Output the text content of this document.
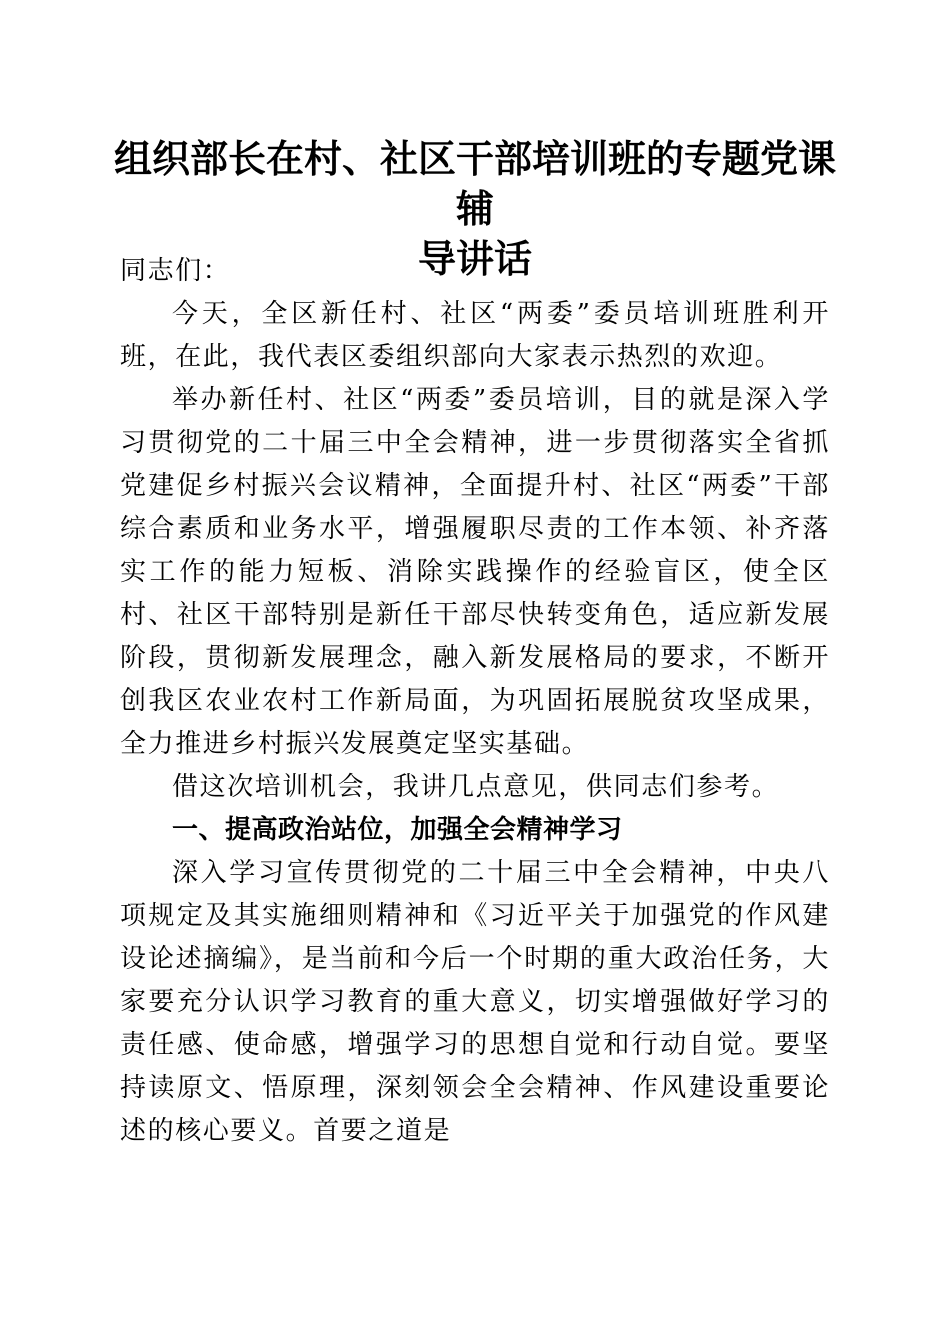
组织部长在村、社区干部培训班的专题党课辅
导讲话

同志们：

今天，全区新任村、社区“两委”委员培训班胜利开班，在此，我代表区委组织部向大家表示热烈的欢迎。

举办新任村、社区“两委”委员培训，目的就是深入学习贯彻党的二十届三中全会精神，进一步贯彻落实全省抓党建促乡村振兴会议精神，全面提升村、社区“两委”干部综合素质和业务水平，增强履职尽责的工作本领、补齐落实工作的能力短板、消除实践操作的经验盲区，使全区村、社区干部特别是新任干部尽快转变角色，适应新发展阶段，贯彻新发展理念，融入新发展格局的要求，不断开创我区农业农村工作新局面，为巩固拓展脱贫攻坚成果，全力推进乡村振兴发展奠定坚实基础。

借这次培训机会，我讲几点意见，供同志们参考。

一、提高政治站位，加强全会精神学习

深入学习宣传贯彻党的二十届三中全会精神，中央八项规定及其实施细则精神和《习近平关于加强党的作风建设论述摘编》，是当前和今后一个时期的重大政治任务，大家要充分认识学习教育的重大意义，切实增强做好学习的责任感、使命感，增强学习的思想自觉和行动自觉。要坚持读原文、悟原理，深刻领会全会精神、作风建设重要论述的核心要义。首要之道是
